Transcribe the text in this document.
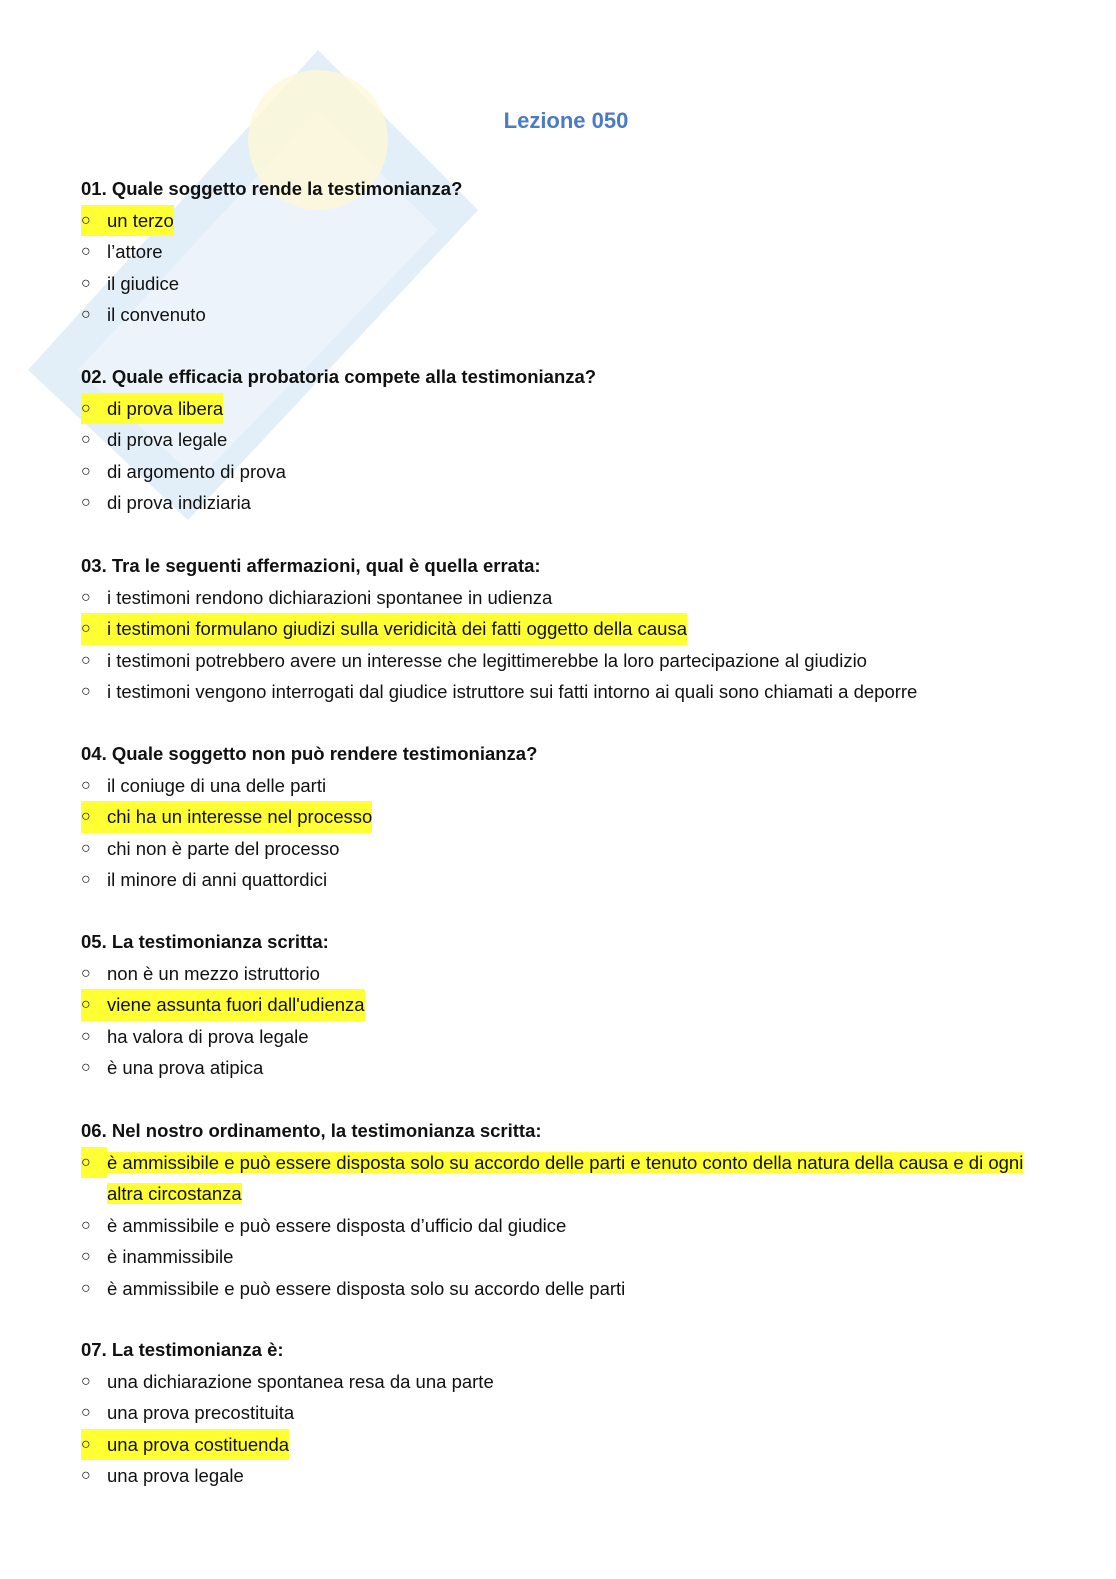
Lezione 050
01. Quale soggetto rende la testimonianza?
○ un terzo
○ l’attore
○ il giudice
○ il convenuto
02. Quale efficacia probatoria compete alla testimonianza?
○ di prova libera
○ di prova legale
○ di argomento di prova
○ di prova indiziaria
03. Tra le seguenti affermazioni, qual è quella errata:
○ i testimoni rendono dichiarazioni spontanee in udienza
○ i testimoni formulano giudizi sulla veridicità dei fatti oggetto della causa
○ i testimoni potrebbero avere un interesse che legittimerebbe la loro partecipazione al giudizio
○ i testimoni vengono interrogati dal giudice istruttore sui fatti intorno ai quali sono chiamati a deporre
04. Quale soggetto non può rendere testimonianza?
○ il coniuge di una delle parti
○ chi ha un interesse nel processo
○ chi non è parte del processo
○ il minore di anni quattordici
05. La testimonianza scritta:
○ non è un mezzo istruttorio
○ viene assunta fuori dall'udienza
○ ha valora di prova legale
○ è una prova atipica
06. Nel nostro ordinamento, la testimonianza scritta:
○ è ammissibile e può essere disposta solo su accordo delle parti e tenuto conto della natura della causa e di ogni altra circostanza
○ è ammissibile e può essere disposta d’ufficio dal giudice
○ è inammissibile
○ è ammissibile e può essere disposta solo su accordo delle parti
07. La testimonianza è:
○ una dichiarazione spontanea resa da una parte
○ una prova precostituita
○ una prova costituenda
○ una prova legale
